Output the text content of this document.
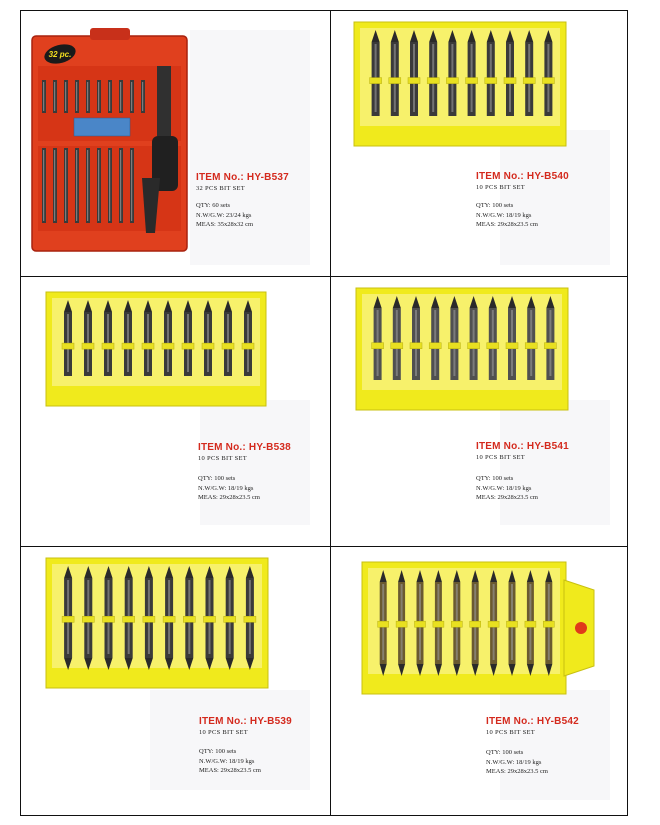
32 pc.
ITEM No.: HY-B537
32 PCS BIT SET
QTY: 60 sets
N.W/G.W: 23/24 kgs
MEAS: 35x28x32 cm
ITEM No.: HY-B540
10 PCS BIT SET
QTY: 100 sets
N.W/G.W: 18/19 kgs
MEAS: 29x28x23.5 cm
ITEM No.: HY-B538
10 PCS BIT SET
QTY: 100 sets
N.W/G.W: 18/19 kgs
MEAS: 29x28x23.5 cm
ITEM No.: HY-B541
10 PCS BIT SET
QTY: 100 sets
N.W/G.W: 18/19 kgs
MEAS: 29x28x23.5 cm
ITEM No.: HY-B539
10 PCS BIT SET
QTY: 100 sets
N.W/G.W: 18/19 kgs
MEAS: 29x28x23.5 cm
ITEM No.: HY-B542
10 PCS BIT SET
QTY: 100 sets
N.W/G.W: 18/19 kgs
MEAS: 29x28x23.5 cm
